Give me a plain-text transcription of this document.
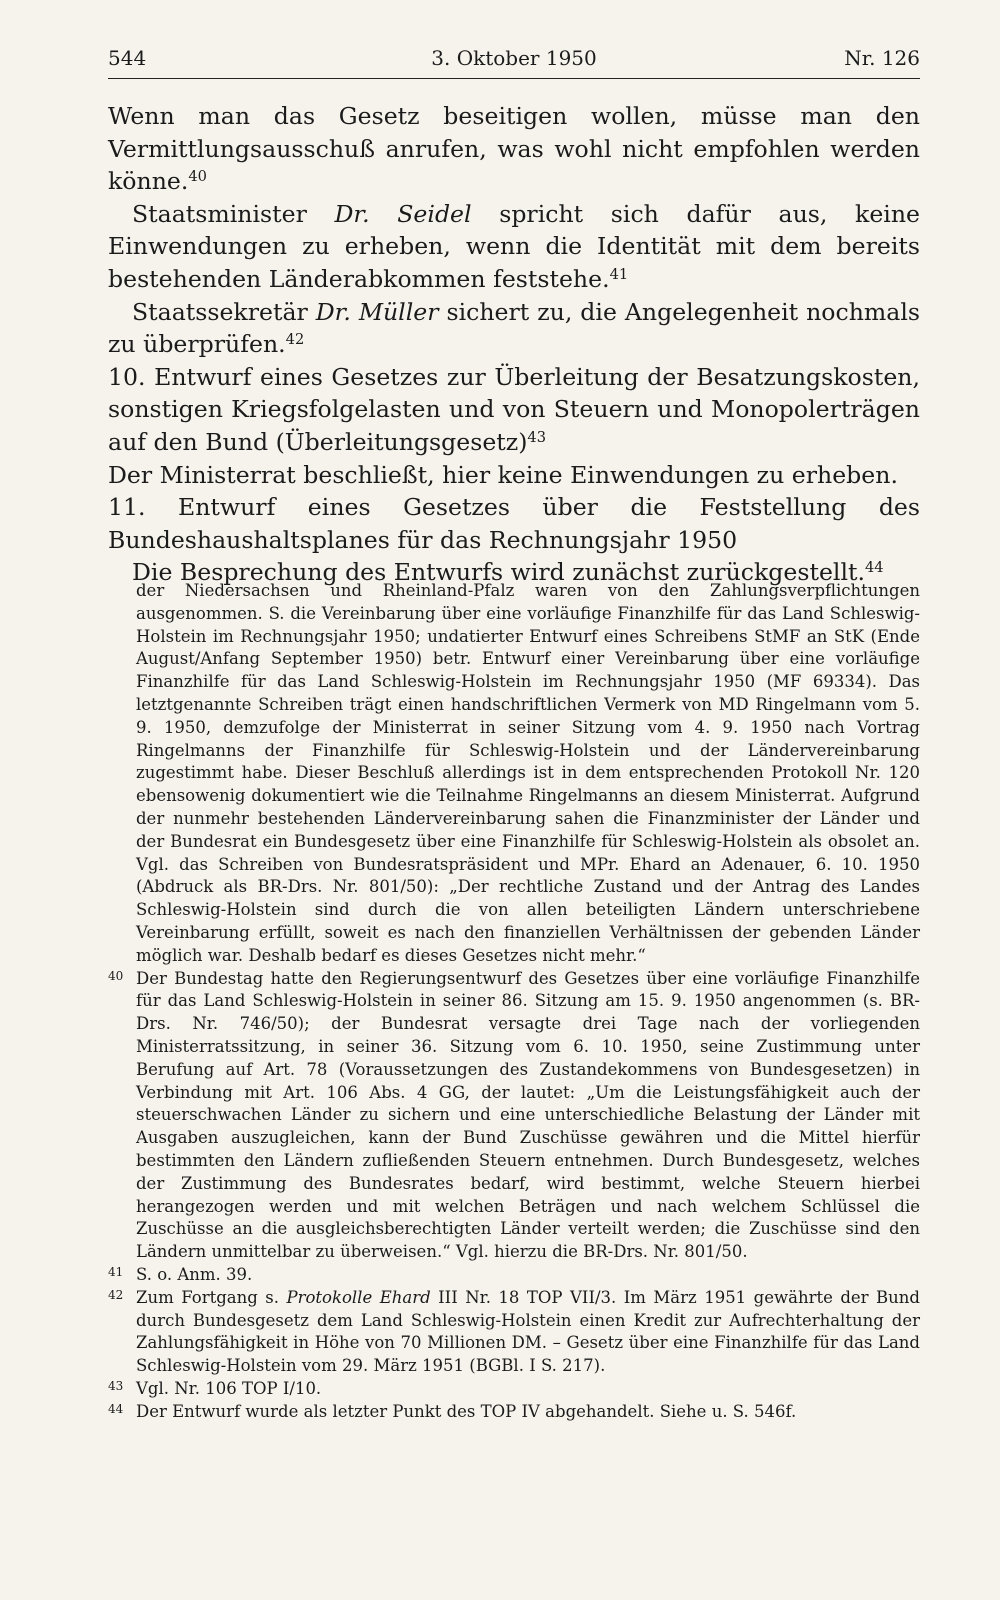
544	3. Oktober 1950	Nr. 126

Wenn man das Gesetz beseitigen wollen, müsse man den Vermittlungsausschuß anrufen, was wohl nicht empfohlen werden könne.$^{40}$

Staatsminister Dr. Seidel spricht sich dafür aus, keine Einwendungen zu erheben, wenn die Identität mit dem bereits bestehenden Länderabkommen feststehe.$^{41}$

Staatssekretär Dr. Müller sichert zu, die Angelegenheit nochmals zu überprüfen.$^{42}$

10. Entwurf eines Gesetzes zur Überleitung der Besatzungskosten, sonstigen Kriegsfolgelasten und von Steuern und Monopolerträgen auf den Bund (Überleitungsgesetz)$^{43}$

Der Ministerrat beschließt, hier keine Einwendungen zu erheben.

11. Entwurf eines Gesetzes über die Feststellung des Bundeshaushaltsplanes für das Rechnungsjahr 1950

Die Besprechung des Entwurfs wird zunächst zurückgestellt.$^{44}$

der Niedersachsen und Rheinland-Pfalz waren von den Zahlungsverpflichtungen ausgenommen. S. die Vereinbarung über eine vorläufige Finanzhilfe für das Land Schleswig-Holstein im Rechnungsjahr 1950; undatierter Entwurf eines Schreibens StMF an StK (Ende August/Anfang September 1950) betr. Entwurf einer Vereinbarung über eine vorläufige Finanzhilfe für das Land Schleswig-Holstein im Rechnungsjahr 1950 (MF 69334). Das letztgenannte Schreiben trägt einen handschriftlichen Vermerk von MD Ringelmann vom 5. 9. 1950, demzufolge der Ministerrat in seiner Sitzung vom 4. 9. 1950 nach Vortrag Ringelmanns der Finanzhilfe für Schleswig-Holstein und der Ländervereinbarung zugestimmt habe. Dieser Beschluß allerdings ist in dem entsprechenden Protokoll Nr. 120 ebensowenig dokumentiert wie die Teilnahme Ringelmanns an diesem Ministerrat. Aufgrund der nunmehr bestehenden Ländervereinbarung sahen die Finanzminister der Länder und der Bundesrat ein Bundesgesetz über eine Finanzhilfe für Schleswig-Holstein als obsolet an. Vgl. das Schreiben von Bundesratspräsident und MPr. Ehard an Adenauer, 6. 10. 1950 (Abdruck als BR-Drs. Nr. 801/50): „Der rechtliche Zustand und der Antrag des Landes Schleswig-Holstein sind durch die von allen beteiligten Ländern unterschriebene Vereinbarung erfüllt, soweit es nach den finanziellen Verhältnissen der gebenden Länder möglich war. Deshalb bedarf es dieses Gesetzes nicht mehr.“

40 Der Bundestag hatte den Regierungsentwurf des Gesetzes über eine vorläufige Finanzhilfe für das Land Schleswig-Holstein in seiner 86. Sitzung am 15. 9. 1950 angenommen (s. BR-Drs. Nr. 746/50); der Bundesrat versagte drei Tage nach der vorliegenden Ministerratssitzung, in seiner 36. Sitzung vom 6. 10. 1950, seine Zustimmung unter Berufung auf Art. 78 (Voraussetzungen des Zustandekommens von Bundesgesetzen) in Verbindung mit Art. 106 Abs. 4 GG, der lautet: „Um die Leistungsfähigkeit auch der steuerschwachen Länder zu sichern und eine unterschiedliche Belastung der Länder mit Ausgaben auszugleichen, kann der Bund Zuschüsse gewähren und die Mittel hierfür bestimmten den Ländern zufließenden Steuern entnehmen. Durch Bundesgesetz, welches der Zustimmung des Bundesrates bedarf, wird bestimmt, welche Steuern hierbei herangezogen werden und mit welchen Beträgen und nach welchem Schlüssel die Zuschüsse an die ausgleichsberechtigten Länder verteilt werden; die Zuschüsse sind den Ländern unmittelbar zu überweisen.“ Vgl. hierzu die BR-Drs. Nr. 801/50.

41 S. o. Anm. 39.

42 Zum Fortgang s. Protokolle Ehard III Nr. 18 TOP VII/3. Im März 1951 gewährte der Bund durch Bundesgesetz dem Land Schleswig-Holstein einen Kredit zur Aufrechterhaltung der Zahlungsfähigkeit in Höhe von 70 Millionen DM. – Gesetz über eine Finanzhilfe für das Land Schleswig-Holstein vom 29. März 1951 (BGBl. I S. 217).

43 Vgl. Nr. 106 TOP I/10.

44 Der Entwurf wurde als letzter Punkt des TOP IV abgehandelt. Siehe u. S. 546f.
